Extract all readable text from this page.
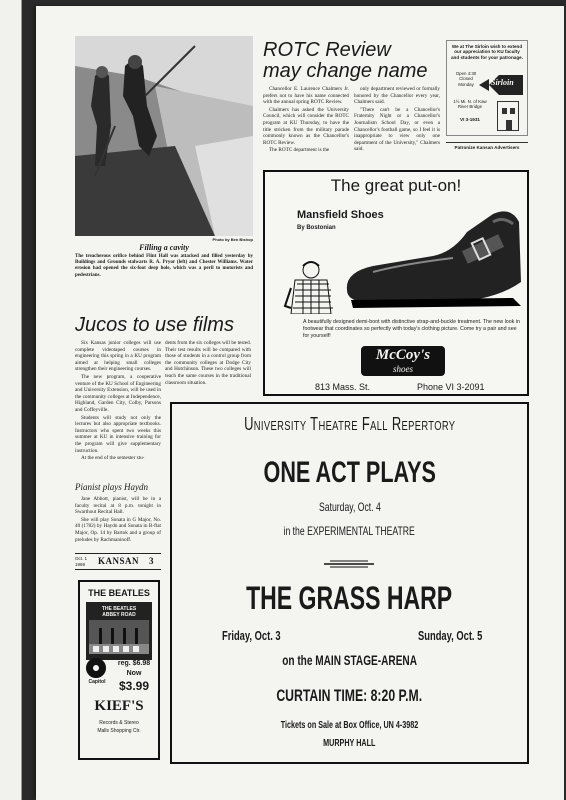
Photo by Ben Bishop
Filling a cavity
The treacherous orifice behind Flint Hall was attacked and filled yesterday by Buildings and Grounds stalwarts R. A. Pryor (left) and Chester Williams. Water erosion had opened the six-foot deep hole, which was a peril to motorists and pedestrians.
ROTC Review
may change name

Chancellor E. Laurence Chalmers Jr. prefers not to have his name connected with the annual spring ROTC Review.

Chalmers has asked the University Council, which will consider the ROTC program at KU Thursday, to have the title stricken from the military parade commonly known as the Chancellor's ROTC Review.

The ROTC department is the

only department reviewed or formally honored by the Chancellor every year, Chalmers said.

"There can't be a Chancellor's Fraternity Night or a Chancellor's Journalism School Day, or even a Chancellor's football game, so I feel it is inappropriate to view only one department of the University," Chalmers said.

We at The Sirloin wish to extend our appreciation to KU faculty and students for your patronage.
Open 4:30 Closed Monday	Sirloin
1½ Mi. N. of Kaw River Bridge
VI 3-1931
Patronize Kansan Advertisers
The great put-on!
Mansfield Shoes
By Bostonian
A beautifully designed demi-boot with distinctive strap-and-buckle treatment. The new look in footwear that coordinates so perfectly with today's clothing picture. Come try a pair and see for yourself!
McCoy's
shoes
813 Mass. St.	Phone VI 3-2091
Jucos to use films

Six Kansas junior colleges will use complete videotaped courses in engineering this spring in a KU program aimed at helping small colleges strengthen their engineering courses.

The new program, a cooperative venture of the KU School of Engineering and University Extension, will be used in the community colleges at Independence, Highland, Garden City, Colby, Parsons and Coffeyville.

Students will study not only the lectures but also appropriate textbooks. Instructors who spent two weeks this summer at KU in intensive training for the program will give supplementary instruction.

At the end of the semester stu-

dents from the six colleges will be tested. Their test results will be compared with those of students in a control group from the community colleges at Dodge City and Hutchinson. These two colleges will teach the same courses in the traditional classroom situation.

Pianist plays Haydn

Jane Abbott, pianist, will be in a faculty recital at 8 p.m. tonight in Swarthout Recital Hall.

She will play Sonata in G Major, No. 40 (1782) by Haydn and Sonata in B-flat Major, Op. 14 by Bartok and a group of preludes by Rachmaninoff.

Oct. 1
1969	KANSAN 3
THE BEATLES
THE BEATLES
ABBEY ROAD
Capitol
reg. $6.98
Now
$3.99
KIEF'S
Records & Stereo
Malls Shopping Ctr.
University Theatre Fall Repertory
ONE ACT PLAYS
Saturday, Oct. 4
in the EXPERIMENTAL THEATRE
THE GRASS HARP
Friday, Oct. 3	Sunday, Oct. 5
on the MAIN STAGE-ARENA
CURTAIN TIME: 8:20 P.M.
Tickets on Sale at Box Office, UN 4-3982
MURPHY HALL
